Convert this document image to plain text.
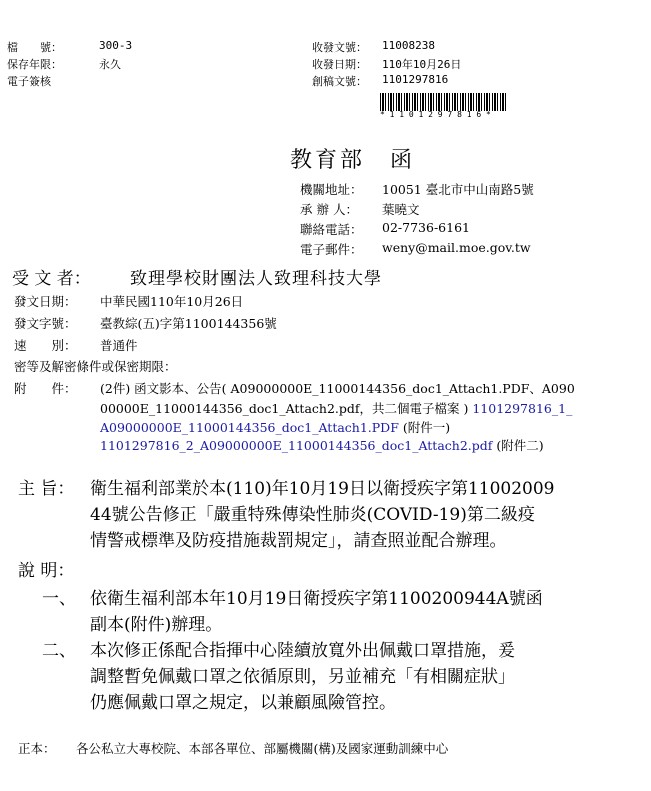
檔　　號：	300-3
保存年限：	永久
電子簽核
收發文號： 11008238
收發日期： 110年10月26日
創稿文號： 1101297816
* 1 1 0 1 2 9 7 8 1 6 *
教育部　函
機關地址： 10051 臺北市中山南路5號
承 辦 人： 葉曉文
聯絡電話： 02-7736-6161
電子郵件： weny@mail.moe.gov.tw
受 文 者： 致理學校財團法人致理科技大學
發文日期： 中華民國110年10月26日
發文字號： 臺教綜(五)字第1100144356號
速　　別： 普通件
密等及解密條件或保密期限：
附　　件： (2件) 函文影本、公告( A09000000E_11000144356_doc1_Attach1.PDF、A090
00000E_11000144356_doc1_Attach2.pdf，共二個電子檔案 ) 1101297816_1_
A09000000E_11000144356_doc1_Attach1.PDF (附件一)
1101297816_2_A09000000E_11000144356_doc1_Attach2.pdf (附件二)
主 旨： 衛生福利部業於本(110)年10月19日以衛授疾字第11002009
44號公告修正「嚴重特殊傳染性肺炎(COVID-19)第二級疫
情警戒標準及防疫措施裁罰規定」，請查照並配合辦理。
說 明：
一、 依衛生福利部本年10月19日衛授疾字第1100200944A號函
副本(附件)辦理。
二、 本次修正係配合指揮中心陸續放寬外出佩戴口罩措施，爰
調整暫免佩戴口罩之依循原則，另並補充「有相關症狀」
仍應佩戴口罩之規定，以兼顧風險管控。
正本： 各公私立大專校院、本部各單位、部屬機關(構)及國家運動訓練中心
